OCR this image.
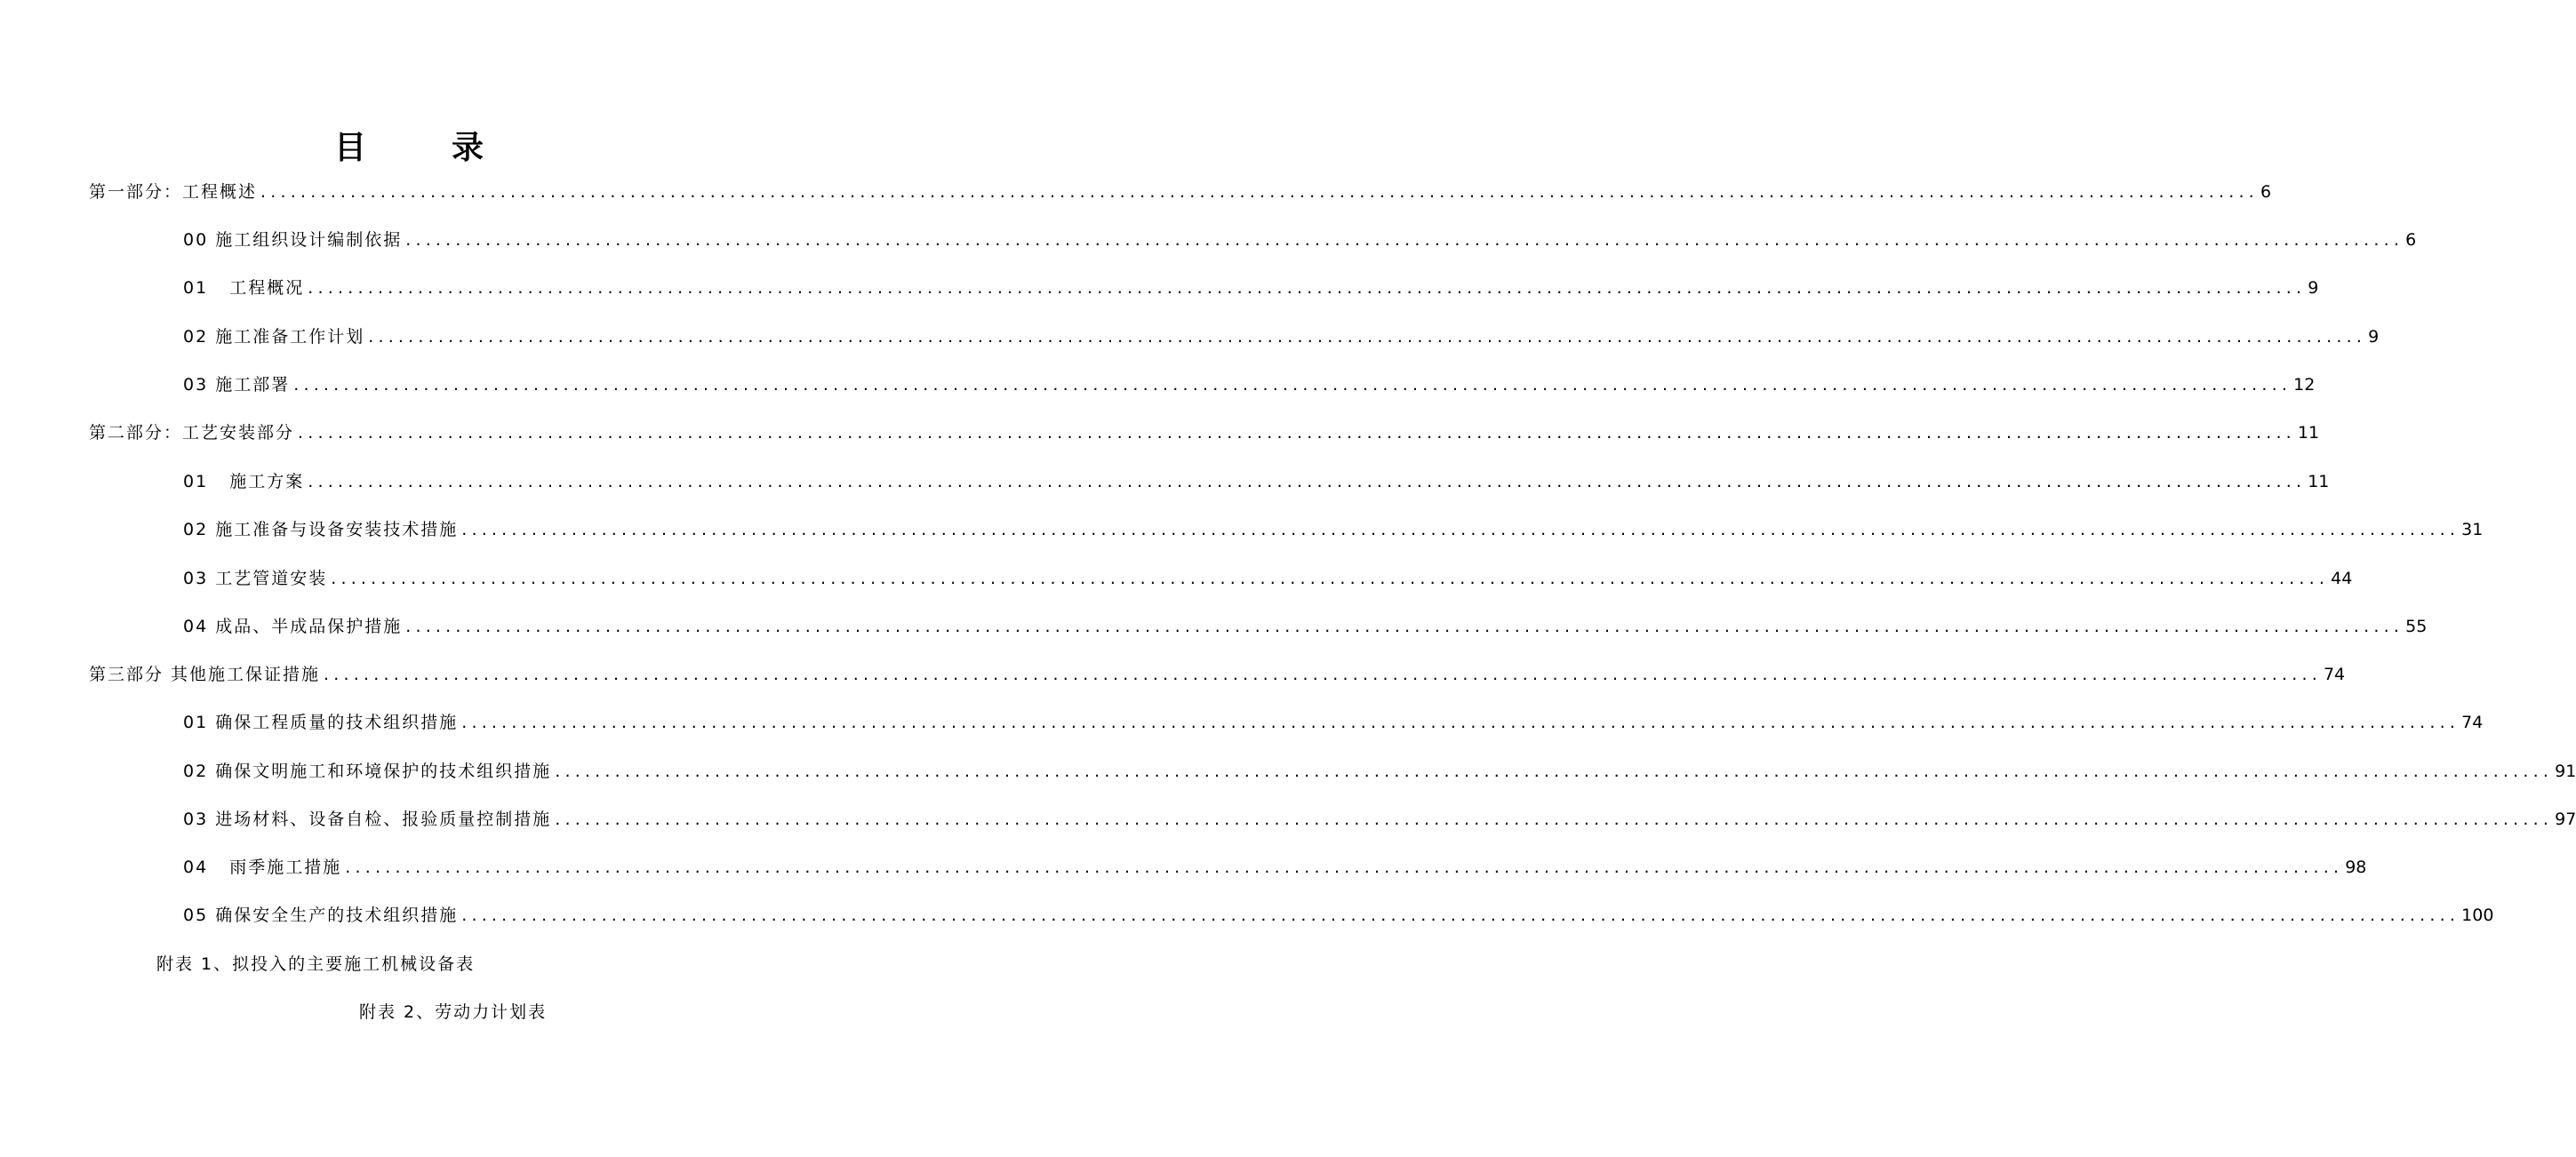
目	录
第一部分：工程概述 ........................................................................................................................................................................................................ 6
00 施工组织设计编制依据 ........................................................................................................................................................................................................ 6
01   工程概况 ........................................................................................................................................................................................................ 9
02 施工准备工作计划 ........................................................................................................................................................................................................ 9
03 施工部署 ........................................................................................................................................................................................................ 12
第二部分：工艺安装部分 ........................................................................................................................................................................................................ 11
01   施工方案 ........................................................................................................................................................................................................ 11
02 施工准备与设备安装技术措施 ........................................................................................................................................................................................................ 31
03 工艺管道安装 ........................................................................................................................................................................................................ 44
04 成品、半成品保护措施 ........................................................................................................................................................................................................ 55
第三部分 其他施工保证措施 ........................................................................................................................................................................................................ 74
01 确保工程质量的技术组织措施 ........................................................................................................................................................................................................ 74
02 确保文明施工和环境保护的技术组织措施 ........................................................................................................................................................................................................ 91
03 进场材料、设备自检、报验质量控制措施 ........................................................................................................................................................................................................ 97
04   雨季施工措施 ........................................................................................................................................................................................................ 98
05 确保安全生产的技术组织措施 ........................................................................................................................................................................................................ 100
附表 1、拟投入的主要施工机械设备表
附表 2、劳动力计划表
